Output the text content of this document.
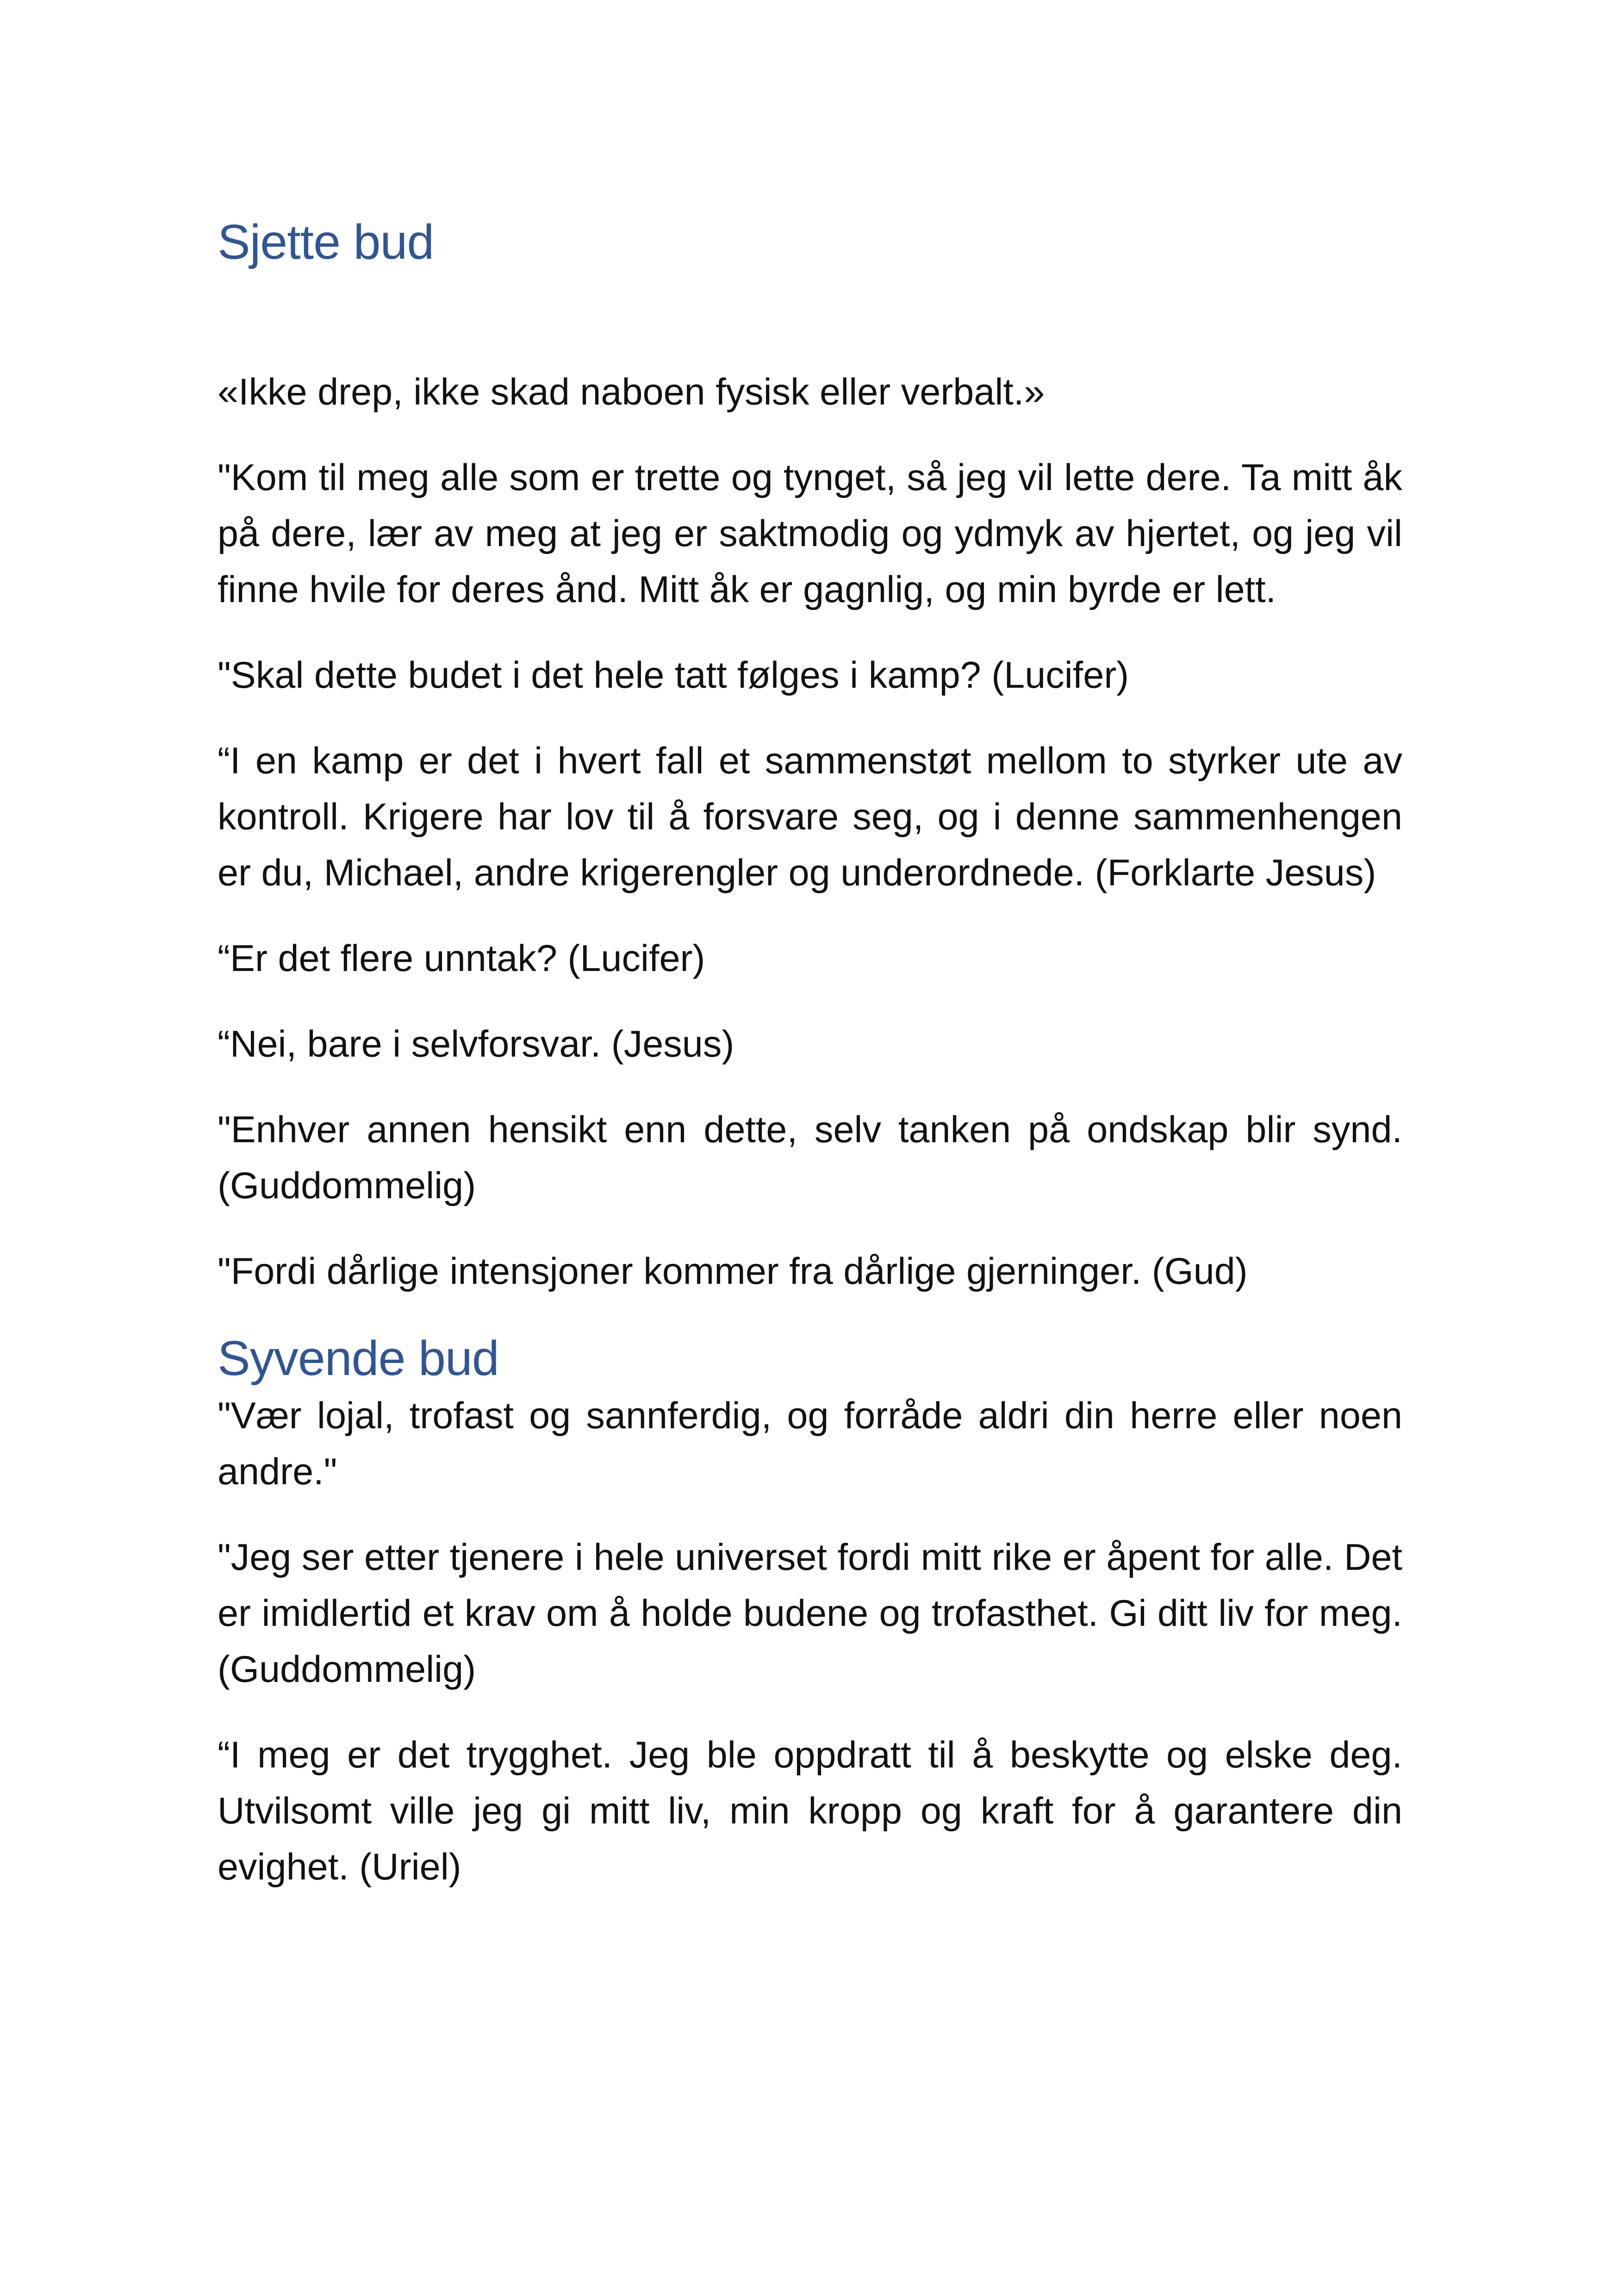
Sjette bud

«Ikke drep, ikke skad naboen fysisk eller verbalt.»

"Kom til meg alle som er trette og tynget, så jeg vil lette dere. Ta mitt åk på dere, lær av meg at jeg er saktmodig og ydmyk av hjertet, og jeg vil finne hvile for deres ånd. Mitt åk er gagnlig, og min byrde er lett.

"Skal dette budet i det hele tatt følges i kamp? (Lucifer)

“I en kamp er det i hvert fall et sammenstøt mellom to styrker ute av kontroll. Krigere har lov til å forsvare seg, og i denne sammenhengen er du, Michael, andre krigerengler og underordnede. (Forklarte Jesus)

“Er det flere unntak? (Lucifer)

“Nei, bare i selvforsvar. (Jesus)

"Enhver annen hensikt enn dette, selv tanken på ondskap blir synd. (Guddommelig)

"Fordi dårlige intensjoner kommer fra dårlige gjerninger. (Gud)

Syvende bud

"Vær lojal, trofast og sannferdig, og forråde aldri din herre eller noen andre."

"Jeg ser etter tjenere i hele universet fordi mitt rike er åpent for alle. Det er imidlertid et krav om å holde budene og trofasthet. Gi ditt liv for meg. (Guddommelig)

“I meg er det trygghet. Jeg ble oppdratt til å beskytte og elske deg. Utvilsomt ville jeg gi mitt liv, min kropp og kraft for å garantere din evighet. (Uriel)
